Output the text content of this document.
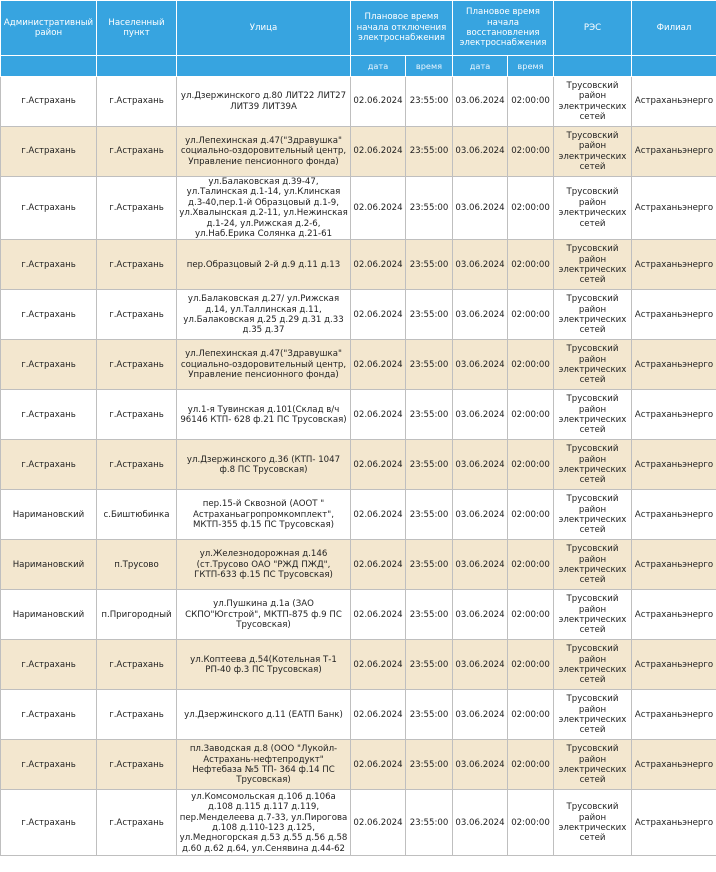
Административный район	Населенный пункт	Улица	Плановое время начала отключения электроснабжения		Плановое время начала восстановления электроснабжения		РЭС	Филиал
			дата	время	дата	время		
г.Астрахань	г.Астрахань	ул.Дзержинского д.80 ЛИТ22 ЛИТ27 ЛИТ39 ЛИТ39А	02.06.2024	23:55:00	03.06.2024	02:00:00	Трусовский район электрических сетей	Астраханьэнерго
г.Астрахань	г.Астрахань	ул.Лепехинская д.47("Здравушка" социально-оздоровительный центр, Управление пенсионного фонда)	02.06.2024	23:55:00	03.06.2024	02:00:00	Трусовский район электрических сетей	Астраханьэнерго
г.Астрахань	г.Астрахань	ул.Балаковская д.39-47, ул.Талинская д.1-14, ул.Клинская д.3-40,пер.1-й Образцовый д.1-9, ул.Хвалынская д.2-11, ул.Нежинская д.1-24, ул.Рижская д.2-6, ул.Наб.Ерика Солянка д.21-61	02.06.2024	23:55:00	03.06.2024	02:00:00	Трусовский район электрических сетей	Астраханьэнерго
г.Астрахань	г.Астрахань	пер.Образцовый 2-й д.9 д.11 д.13	02.06.2024	23:55:00	03.06.2024	02:00:00	Трусовский район электрических сетей	Астраханьэнерго
г.Астрахань	г.Астрахань	ул.Балаковская д.27/ ул.Рижская д.14, ул.Таллинская д.11, ул.Балаковская д.25 д.29 д.31 д.33 д.35 д.37	02.06.2024	23:55:00	03.06.2024	02:00:00	Трусовский район электрических сетей	Астраханьэнерго
г.Астрахань	г.Астрахань	ул.Лепехинская д.47("Здравушка" социально-оздоровительный центр, Управление пенсионного фонда)	02.06.2024	23:55:00	03.06.2024	02:00:00	Трусовский район электрических сетей	Астраханьэнерго
г.Астрахань	г.Астрахань	ул.1-я Тувинская д.101(Склад в/ч 96146 КТП- 628 ф.21 ПС Трусовская)	02.06.2024	23:55:00	03.06.2024	02:00:00	Трусовский район электрических сетей	Астраханьэнерго
г.Астрахань	г.Астрахань	ул.Дзержинского д.36 (КТП- 1047 ф.8 ПС Трусовская)	02.06.2024	23:55:00	03.06.2024	02:00:00	Трусовский район электрических сетей	Астраханьэнерго
Наримановский	с.Биштюбинка	пер.15-й Сквозной (АООТ " Астраханьагропромкомплект", МКТП-355 ф.15 ПС Трусовская)	02.06.2024	23:55:00	03.06.2024	02:00:00	Трусовский район электрических сетей	Астраханьэнерго
Наримановский	п.Трусово	ул.Железнодорожная д.146 (ст.Трусово ОАО "РЖД ПЖД", ГКТП-633 ф.15 ПС Трусовская)	02.06.2024	23:55:00	03.06.2024	02:00:00	Трусовский район электрических сетей	Астраханьэнерго
Наримановский	п.Пригородный	ул.Пушкина д.1а (ЗАО СКПО"Югстрой", МКТП-875 ф.9 ПС Трусовская)	02.06.2024	23:55:00	03.06.2024	02:00:00	Трусовский район электрических сетей	Астраханьэнерго
г.Астрахань	г.Астрахань	ул.Коптеева д.54(Котельная Т-1 РП-40 ф.3 ПС Трусовская)	02.06.2024	23:55:00	03.06.2024	02:00:00	Трусовский район электрических сетей	Астраханьэнерго
г.Астрахань	г.Астрахань	ул.Дзержинского д.11 (ЕАТП Банк)	02.06.2024	23:55:00	03.06.2024	02:00:00	Трусовский район электрических сетей	Астраханьэнерго
г.Астрахань	г.Астрахань	пл.Заводская д.8 (ООО "Лукойл-Астрахань-нефтепродукт" Нефтебаза №5 ТП- 364 ф.14 ПС Трусовская)	02.06.2024	23:55:00	03.06.2024	02:00:00	Трусовский район электрических сетей	Астраханьэнерго
г.Астрахань	г.Астрахань	ул.Комсомольская д.106 д.106а д.108 д.115 д.117 д.119, пер.Менделеева д.7-33, ул.Пирогова д.108 д.110-123 д.125, ул.Медногорская д.53 д.55 д.56 д.58 д.60 д.62 д.64, ул.Сенявина д.44-62	02.06.2024	23:55:00	03.06.2024	02:00:00	Трусовский район электрических сетей	Астраханьэнерго
